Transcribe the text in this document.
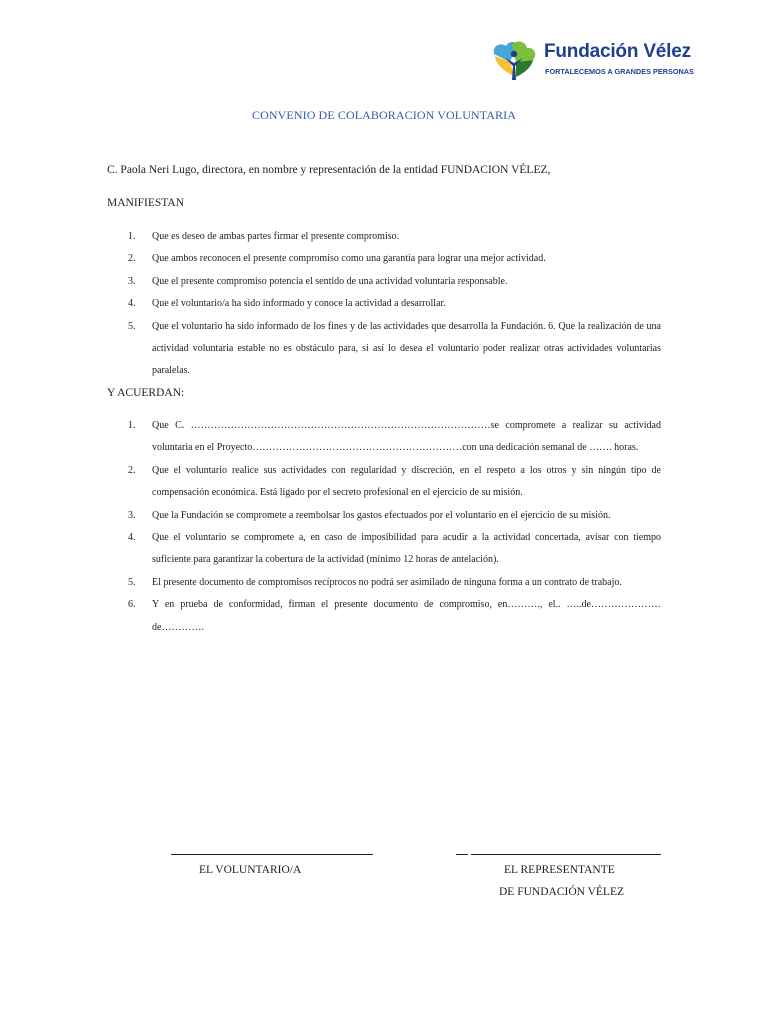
Fundación Vélez
FORTALECEMOS A GRANDES PERSONAS
CONVENIO DE COLABORACION VOLUNTARIA
C. Paola Neri Lugo, directora, en nombre y representación de la entidad FUNDACION VÉLEZ,
MANIFIESTAN
1. Que es deseo de ambas partes firmar el presente compromiso.
2. Que ambos reconocen el presente compromiso como una garantía para lograr una mejor actividad.
3. Que el presente compromiso potencia el sentido de una actividad voluntaria responsable.
4. Que el voluntario/a ha sido informado y conoce la actividad a desarrollar.
5. Que el voluntario ha sido informado de los fines y de las actividades que desarrolla la Fundación. 6. Que la realización de una actividad voluntaria estable no es obstáculo para, si así lo desea el voluntario poder realizar otras actividades voluntarias paralelas.
Y ACUERDAN:
1. Que C. ………………………………………………………………………………se compromete a realizar su actividad voluntaria en el Proyecto………………………………………………………con una dedicación semanal de ……. horas.
2. Que el voluntario realice sus actividades con regularidad y discreción, en el respeto a los otros y sin ningún tipo de compensación económica. Está ligado por el secreto profesional en el ejercicio de su misión.
3. Que la Fundación se compromete a reembolsar los gastos efectuados por el voluntario en el ejercicio de su misión.
4. Que el voluntario se compromete a, en caso de imposibilidad para acudir a la actividad concertada, avisar con tiempo suficiente para garantizar la cobertura de la actividad (mínimo 12 horas de antelación).
5. El presente documento de compromisos recíprocos no podrá ser asimilado de ninguna forma a un contrato de trabajo.
6. Y en prueba de conformidad, firman el presente documento de compromiso, en………., el.. …..de…………………de………….
EL VOLUNTARIO/A	EL REPRESENTANTE
DE FUNDACIÓN VÉLEZ
